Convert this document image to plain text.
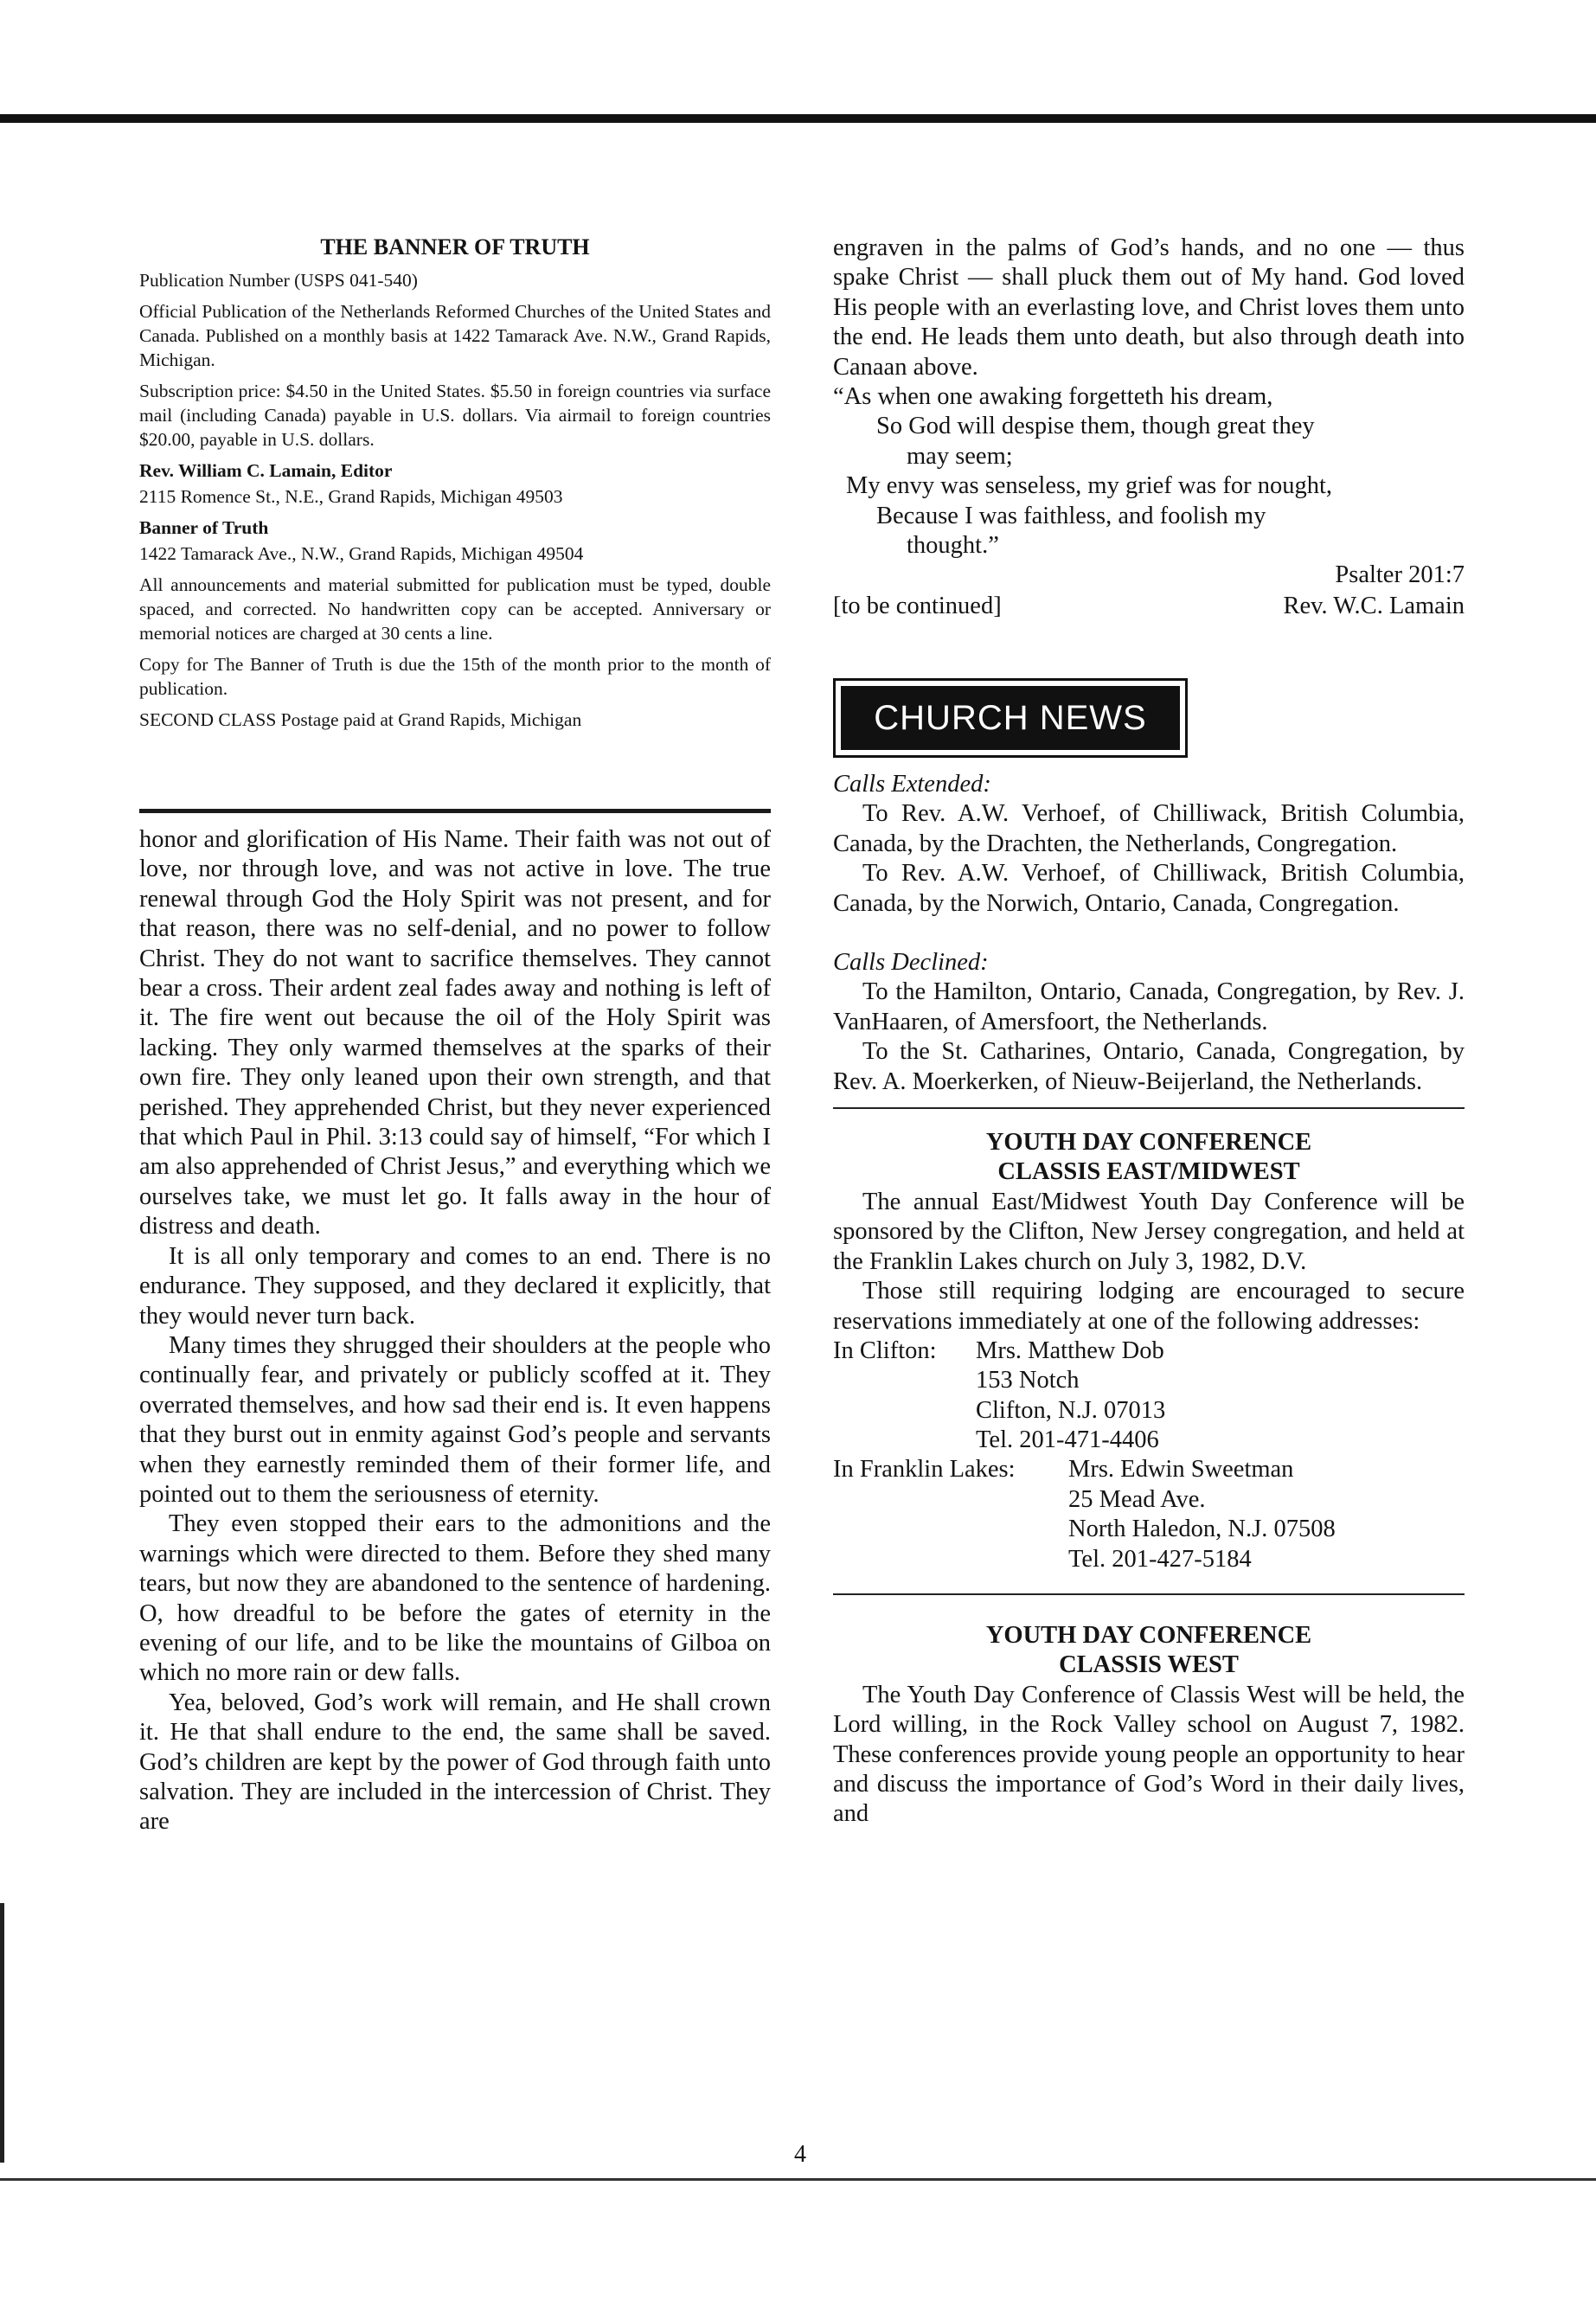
THE BANNER OF TRUTH

Publication Number (USPS 041-540)

Official Publication of the Netherlands Reformed Churches of the United States and Canada. Published on a monthly basis at 1422 Tamarack Ave. N.W., Grand Rapids, Michigan.

Subscription price: $4.50 in the United States. $5.50 in foreign countries via surface mail (including Canada) payable in U.S. dollars. Via airmail to foreign countries $20.00, payable in U.S. dollars.

Rev. William C. Lamain, Editor

2115 Romence St., N.E., Grand Rapids, Michigan 49503

Banner of Truth

1422 Tamarack Ave., N.W., Grand Rapids, Michigan 49504

All announcements and material submitted for publication must be typed, double spaced, and corrected. No handwritten copy can be accepted. Anniversary or memorial notices are charged at 30 cents a line.

Copy for The Banner of Truth is due the 15th of the month prior to the month of publication.

SECOND CLASS Postage paid at Grand Rapids, Michigan

honor and glorification of His Name. Their faith was not out of love, nor through love, and was not active in love. The true renewal through God the Holy Spirit was not present, and for that reason, there was no self-denial, and no power to follow Christ. They do not want to sacrifice themselves. They cannot bear a cross. Their ardent zeal fades away and nothing is left of it. The fire went out because the oil of the Holy Spirit was lacking. They only warmed themselves at the sparks of their own fire. They only leaned upon their own strength, and that perished. They apprehended Christ, but they never experienced that which Paul in Phil. 3:13 could say of himself, “For which I am also apprehended of Christ Jesus,” and everything which we ourselves take, we must let go. It falls away in the hour of distress and death.

It is all only temporary and comes to an end. There is no endurance. They supposed, and they declared it explicitly, that they would never turn back.

Many times they shrugged their shoulders at the people who continually fear, and privately or publicly scoffed at it. They overrated themselves, and how sad their end is. It even happens that they burst out in enmity against God’s people and servants when they earnestly reminded them of their former life, and pointed out to them the seriousness of eternity.

They even stopped their ears to the admonitions and the warnings which were directed to them. Before they shed many tears, but now they are abandoned to the sentence of hardening. O, how dreadful to be before the gates of eternity in the evening of our life, and to be like the mountains of Gilboa on which no more rain or dew falls.

Yea, beloved, God’s work will remain, and He shall crown it. He that shall endure to the end, the same shall be saved. God’s children are kept by the power of God through faith unto salvation. They are included in the intercession of Christ. They are

engraven in the palms of God’s hands, and no one — thus spake Christ — shall pluck them out of My hand. God loved His people with an everlasting love, and Christ loves them unto the end. He leads them unto death, but also through death into Canaan above.

“As when one awaking forgetteth his dream,

So God will despise them, though great they

may seem;

My envy was senseless, my grief was for nought,

Because I was faithless, and foolish my

thought.”

Psalter 201:7
[to be continued]	Rev. W.C. Lamain
CHURCH NEWS

Calls Extended:

To Rev. A.W. Verhoef, of Chilliwack, British Columbia, Canada, by the Drachten, the Netherlands, Congregation.

To Rev. A.W. Verhoef, of Chilliwack, British Columbia, Canada, by the Norwich, Ontario, Canada, Congregation.

Calls Declined:

To the Hamilton, Ontario, Canada, Congregation, by Rev. J. VanHaaren, of Amersfoort, the Netherlands.

To the St. Catharines, Ontario, Canada, Congregation, by Rev. A. Moerkerken, of Nieuw-Beijerland, the Netherlands.

YOUTH DAY CONFERENCE

CLASSIS EAST/MIDWEST

The annual East/Midwest Youth Day Conference will be sponsored by the Clifton, New Jersey congregation, and held at the Franklin Lakes church on July 3, 1982, D.V.

Those still requiring lodging are encouraged to secure reservations immediately at one of the following addresses:

In Clifton: Mrs. Matthew Dob
153 Notch
Clifton, N.J. 07013
Tel. 201-471-4406
In Franklin Lakes: Mrs. Edwin Sweetman
25 Mead Ave.
North Haledon, N.J. 07508
Tel. 201-427-5184

YOUTH DAY CONFERENCE

CLASSIS WEST

The Youth Day Conference of Classis West will be held, the Lord willing, in the Rock Valley school on August 7, 1982. These conferences provide young people an opportunity to hear and discuss the importance of God’s Word in their daily lives, and

4
